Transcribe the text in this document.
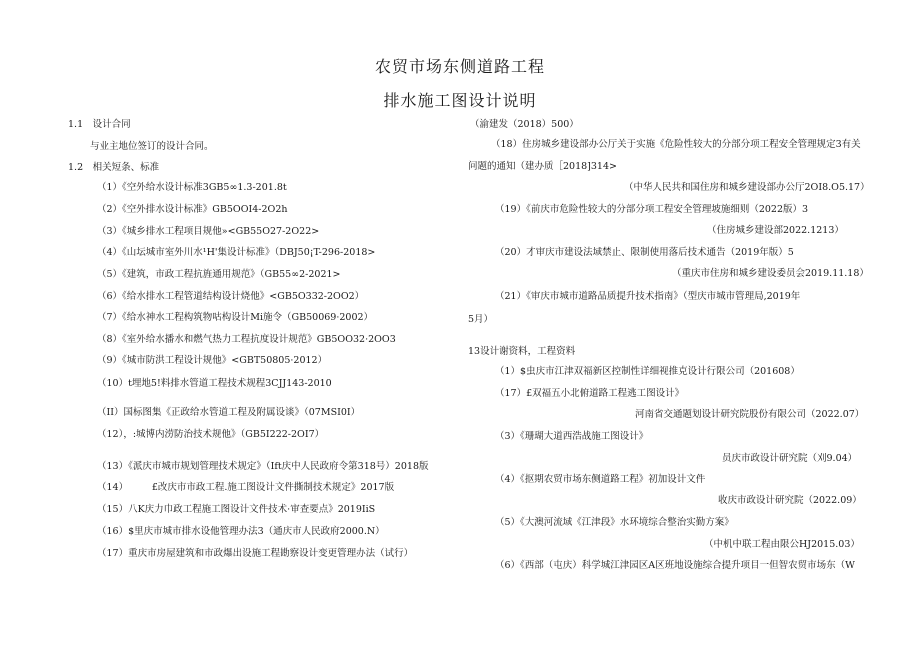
农贸市场东侧道路工程
排水施工图设计说明
1.1　设计合同
与业主地位签订的设计合同。
1.2　相关短条、标准
（1）《空外给水设计标准3GB5∞1.3-201.8t
（2）《空外排水设计标准》GB5OOI4-2O2h
（3）《城乡排水工程项目规他»<GB55O27-2O22>
（4）《山坛城市室外川水¹H'集设计标准》（DBJ50¡T-296-2018>
（5）《建筑，市政工程抗旌通用规范》（GB55∞2-2021>
（6）《给水排水工程管道结构设计烧他》<GB5O332-2OO2）
（7）《给水神水工程构筑物咕构设计Mi施令（GB50069·2002）
（8）《室外给水播水和燃气热力工程抗度设计规范》GB5OO32·2OO3
（9）《城市防洪工程设计规他》<GBT50805·2012）
（10）t埋地5!料排水管道工程技术规程3CJJ143-2010
（II）国标图集《正政给水管道工程及附属设谈》（07MSI0I）
（12），:城博内涝防治技术规他》（GB5I222-2OI7）
（13）《派庆市城市规划管理技术规定》（Ift庆中人民政府令第318号）2018版
（14）　　　£改庆市市政工程.施工图设计文件撕制技术规定》2017版
（15）八K庆力巾政工程施工图设计文件技术·审查要点》2019IiS
（16）$里庆市城市排水设他管理办法3（通庆市人民政府2000.N）
（17）重庆市房屋建筑和市政爆出设施工程勘察设计变更管理办法（试行）
（渝建发（2018）500）
（18）住房城乡建设部办公厅关于实施《危险性较大的分部分项工程安全管理规定3有关
问题的通知（建办质［2018]314>
（中华人民共和国住房和城乡建设部办公厅2OI8.O5.17）
（19）《前庆市危险性较大的分部分项工程安全管理坡施细则（2022版）3
（住房城乡建设部2022.1213）
（20）才审庆市建设法域禁止、限制使用落后技术通告（2019年版）5
（重庆市住房和城乡建设委员会2019.11.18）
（21）《审庆市城市道路品质提升技术指南》（型庆市城市管理局,2019年
5月）
13设计谢资料，工程资料
（1）$虫庆市江津双福新区控制性详细视推克设计行限公司（201608）
（17）£双福五小北俯道路工程逃工图设计》
河南省交通题划设计研究院股份有限公司（2022.07）
（3）《珊瑚大道西浩战施工图设计》
员庆市政设计研究院（刈9.04）
（4）《抠期农贸市场东侧道路工程》初加设计文件
收庆市政设计研究院（2022.09）
（5）《大澳河流域《江津段》水环境综合整治实勤方案》
（中机中联工程由限公HJ2015.03）
（6）《西部（屯庆）科学城江津园区A区班地设施综合提升项目一但智农贸市场东（W
